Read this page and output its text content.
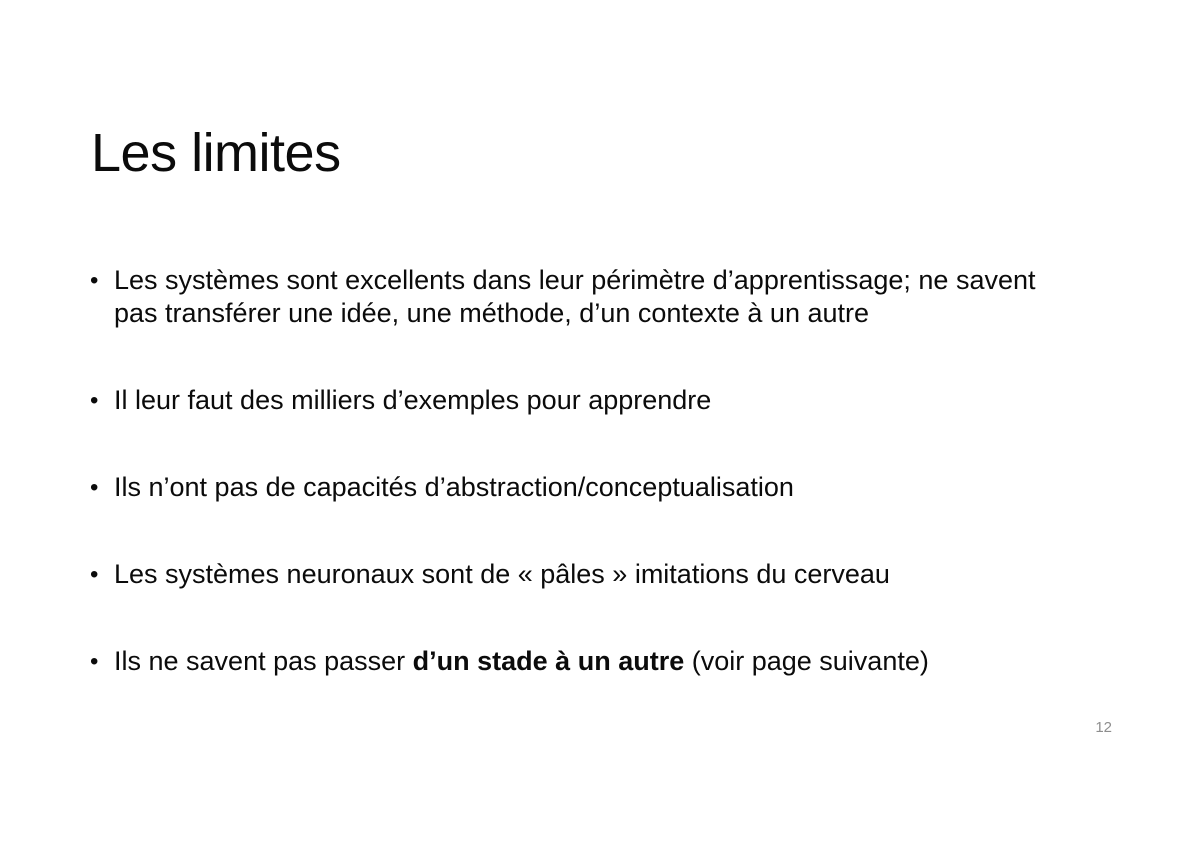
Les limites
• Les systèmes sont excellents dans leur périmètre d’apprentissage; ne savent pas transférer une idée, une méthode, d’un contexte à un autre
• Il leur faut des milliers d’exemples pour apprendre
• Ils n’ont pas de capacités d’abstraction/conceptualisation
• Les systèmes neuronaux sont de « pâles » imitations du cerveau
• Ils ne savent pas passer d’un stade à un autre (voir page suivante)
12
